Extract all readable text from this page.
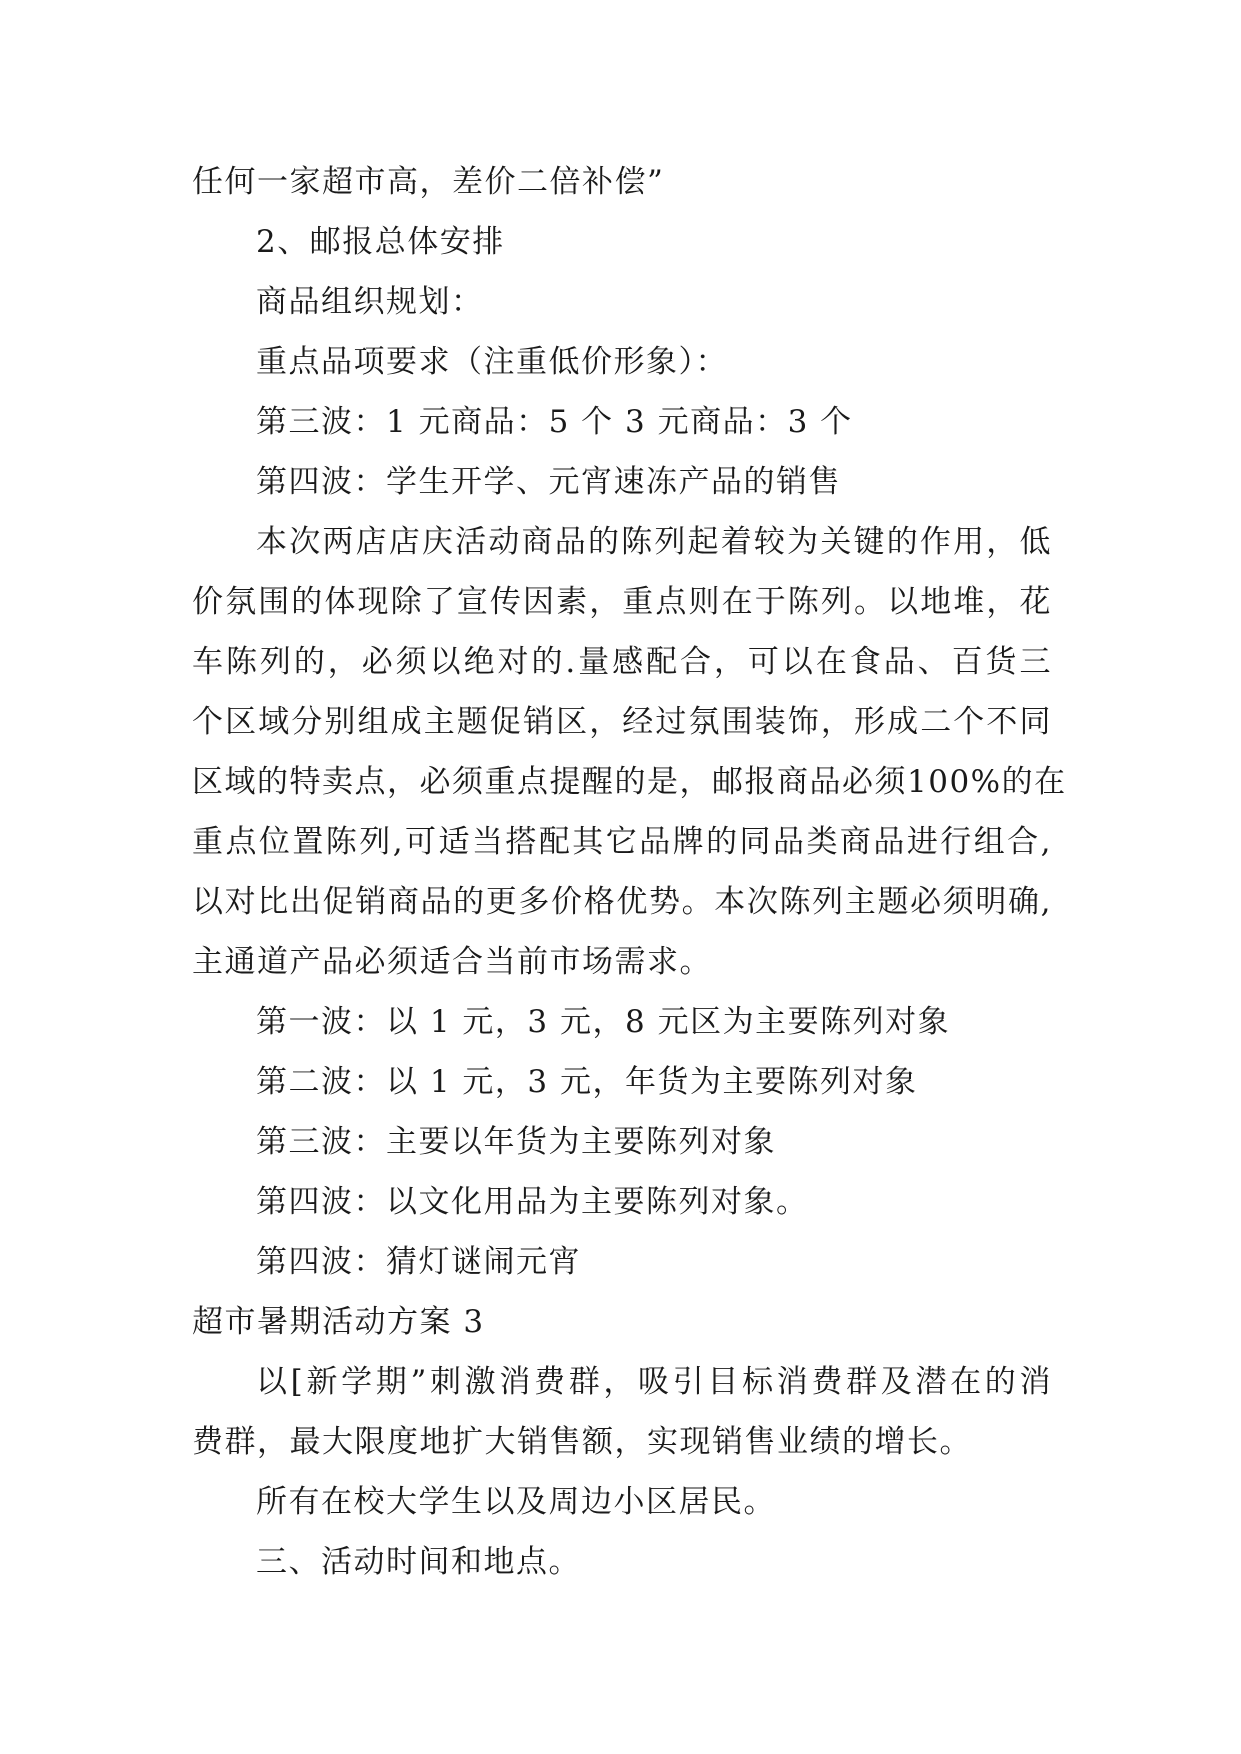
任何一家超市高，差价二倍补偿”
2、邮报总体安排
商品组织规划：
重点品项要求（注重低价形象）：
第三波：1 元商品：5 个 3 元商品：3 个
第四波：学生开学、元宵速冻产品的销售
本次两店店庆活动商品的陈列起着较为关键的作用，低
价氛围的体现除了宣传因素，重点则在于陈列。以地堆，花
车陈列的，必须以绝对的.量感配合，可以在食品、百货三
个区域分别组成主题促销区，经过氛围装饰，形成二个不同
区域的特卖点，必须重点提醒的是，邮报商品必须100%的在
重点位置陈列,可适当搭配其它品牌的同品类商品进行组合,
以对比出促销商品的更多价格优势。本次陈列主题必须明确,
主通道产品必须适合当前市场需求。
第一波：以 1 元，3 元，8 元区为主要陈列对象
第二波：以 1 元，3 元，年货为主要陈列对象
第三波：主要以年货为主要陈列对象
第四波：以文化用品为主要陈列对象。
第四波：猜灯谜闹元宵
超市暑期活动方案 3
以[新学期”刺激消费群，吸引目标消费群及潜在的消
费群，最大限度地扩大销售额，实现销售业绩的增长。
所有在校大学生以及周边小区居民。
三、活动时间和地点。
